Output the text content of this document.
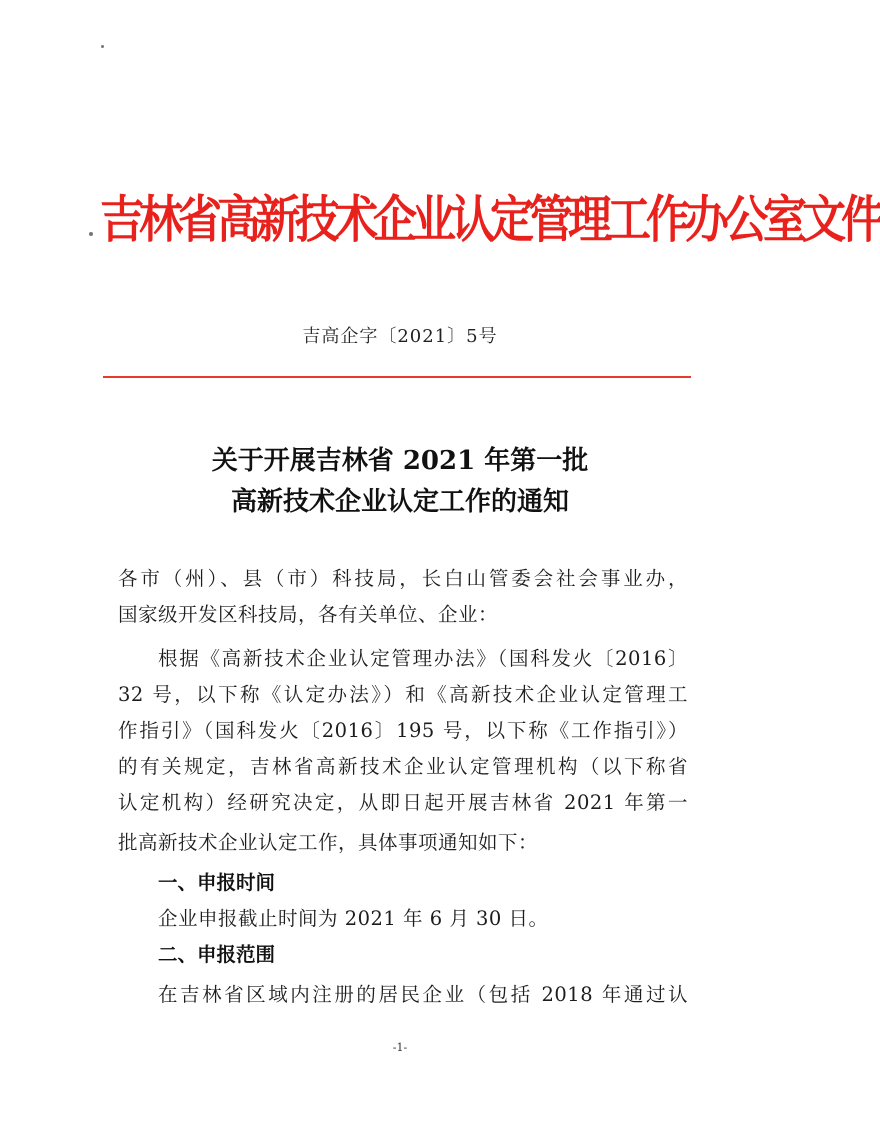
吉林省高新技术企业认定管理工作办公室文件
吉高企字〔2021〕5号
关于开展吉林省 2021 年第一批
高新技术企业认定工作的通知
各市（州）、县（市）科技局，长白山管委会社会事业办，
国家级开发区科技局，各有关单位、企业：
根据《高新技术企业认定管理办法》（国科发火〔2016〕
32 号，以下称《认定办法》）和《高新技术企业认定管理工
作指引》（国科发火〔2016〕195 号，以下称《工作指引》）
的有关规定，吉林省高新技术企业认定管理机构（以下称省
认定机构）经研究决定，从即日起开展吉林省 2021 年第一
批高新技术企业认定工作，具体事项通知如下：
一、申报时间
企业申报截止时间为 2021 年 6 月 30 日。
二、申报范围
在吉林省区域内注册的居民企业（包括 2018 年通过认
-1-
